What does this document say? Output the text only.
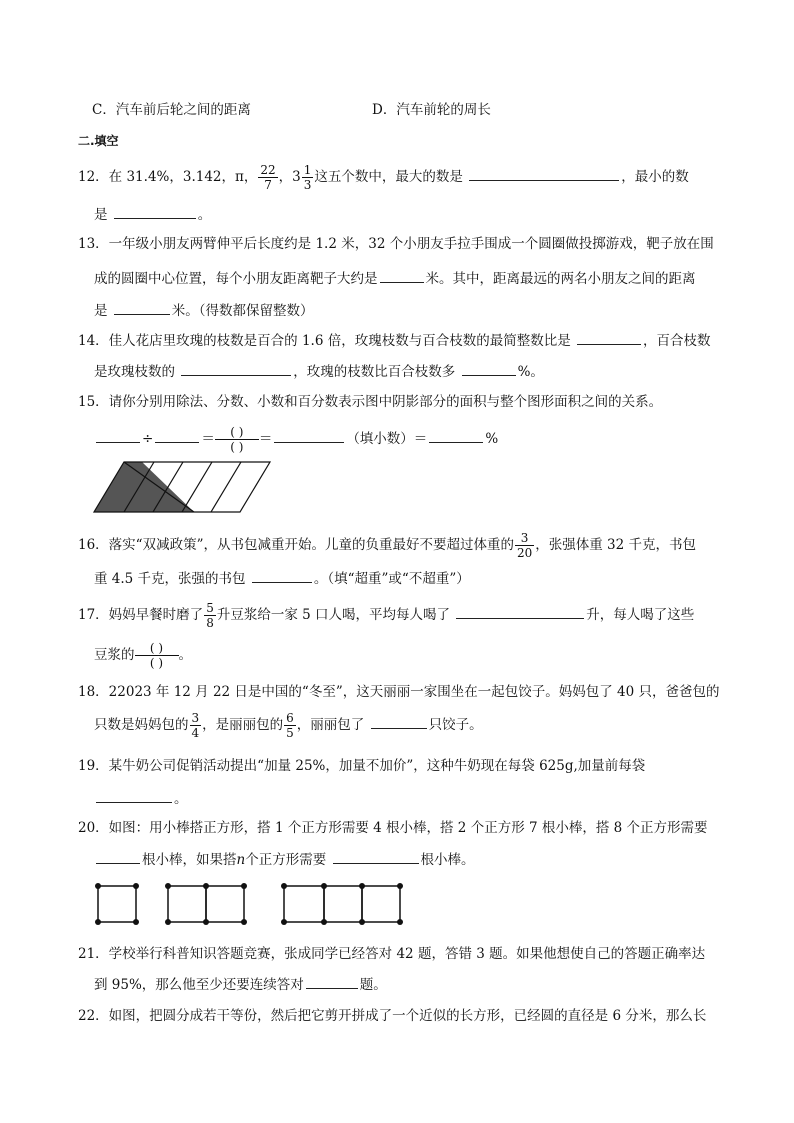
C．汽车前后轮之间的距离	D．汽车前轮的周长
二.填空
12．在 31.4%，3.142，π， $\frac{22}{7}$ ，$3 \frac{1}{3}$ 这五个数中，最大的数是	，最小的数
是	。
13．一年级小朋友两臂伸平后长度约是 1.2 米，32 个小朋友手拉手围成一个圆圈做投掷游戏，靶子放在围
成的圆圈中心位置，每个小朋友距离靶子大约是	米。其中，距离最远的两名小朋友之间的距离
是	米。（得数都保留整数）
14．佳人花店里玫瑰的枝数是百合的 1.6 倍，玫瑰枝数与百合枝数的最简整数比是	，百合枝数
是玫瑰枝数的	，玫瑰的枝数比百合枝数多	%。
15．请你分别用除法、分数、小数和百分数表示图中阴影部分的面积与整个图形面积之间的关系。
÷	＝ $\frac{( )}{( )}$ ＝	（填小数）＝	%
16．落实“双减政策”，从书包减重开始。儿童的负重最好不要超过体重的 $\frac{3}{20}$ ，张强体重 32 千克，书包
重 4.5 千克，张强的书包	。（填“超重”或“不超重”）
17．妈妈早餐时磨了 $\frac{5}{8}$ 升豆浆给一家 5 口人喝，平均每人喝了	升，每人喝了这些
豆浆的 $\frac{( )}{( )}$ 。
18．22023 年 12 月 22 日是中国的“冬至”，这天丽丽一家围坐在一起包饺子。妈妈包了 40 只，爸爸包的
只数是妈妈包的 $\frac{3}{4}$ ，是丽丽包的 $\frac{6}{5}$ ，丽丽包了	只饺子。
19．某牛奶公司促销活动提出“加量 25%，加量不加价”，这种牛奶现在每袋 625g,加量前每袋
。
20．如图：用小棒搭正方形，搭 1 个正方形需要 4 根小棒，搭 2 个正方形 7 根小棒，搭 8 个正方形需要
根小棒，如果搭n个正方形需要	根小棒。
21．学校举行科普知识答题竞赛，张成同学已经答对 42 题，答错 3 题。如果他想使自己的答题正确率达
到 95%，那么他至少还要连续答对	题。
22．如图，把圆分成若干等份，然后把它剪开拼成了一个近似的长方形，已经圆的直径是 6 分米，那么长
